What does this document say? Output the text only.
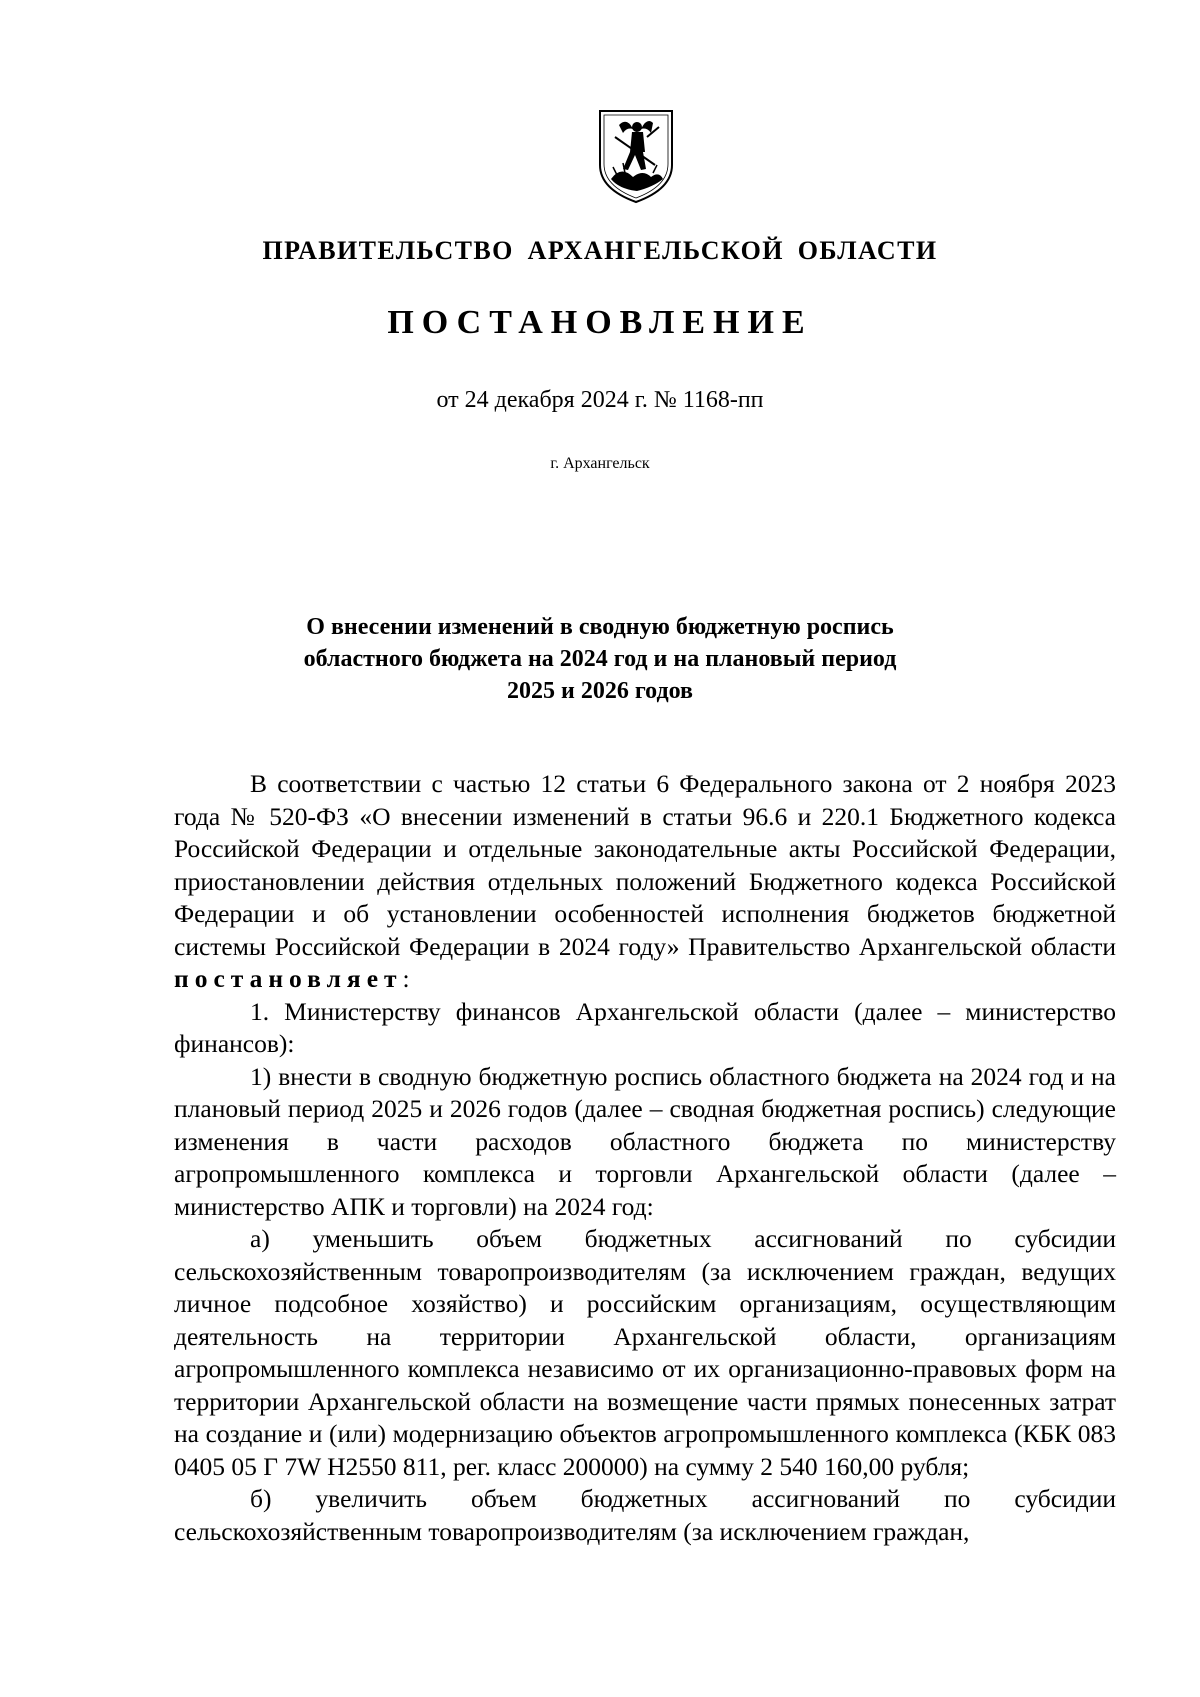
ПРАВИТЕЛЬСТВО АРХАНГЕЛЬСКОЙ ОБЛАСТИ
ПОСТАНОВЛЕНИЕ
от 24 декабря 2024 г. № 1168-пп
г. Архангельск
О внесении изменений в сводную бюджетную роспись
областного бюджета на 2024 год и на плановый период
2025 и 2026 годов

В соответствии с частью 12 статьи 6 Федерального закона от 2 ноября 2023 года № 520-ФЗ «О внесении изменений в статьи 96.6 и 220.1 Бюджетного кодекса Российской Федерации и отдельные законодательные акты Российской Федерации, приостановлении действия отдельных положений Бюджетного кодекса Российской Федерации и об установлении особенностей исполнения бюджетов бюджетной системы Российской Федерации в 2024 году» Правительство Архангельской области постановляет:

1. Министерству финансов Архангельской области (далее – министерство финансов):

1) внести в сводную бюджетную роспись областного бюджета на 2024 год и на плановый период 2025 и 2026 годов (далее – сводная бюджетная роспись) следующие изменения в части расходов областного бюджета по министерству агропромышленного комплекса и торговли Архангельской области (далее – министерство АПК и торговли) на 2024 год:

а) уменьшить объем бюджетных ассигнований по субсидии сельскохозяйственным товаропроизводителям (за исключением граждан, ведущих личное подсобное хозяйство) и российским организациям, осуществляющим деятельность на территории Архангельской области, организациям агропромышленного комплекса независимо от их организационно-правовых форм на территории Архангельской области на возмещение части прямых понесенных затрат на создание и (или) модернизацию объектов агропромышленного комплекса (КБК 083 0405 05 Г 7W Н2550 811, рег. класс 200000) на сумму 2 540 160,00 рубля;

б) увеличить объем бюджетных ассигнований по субсидии сельскохозяйственным товаропроизводителям (за исключением граждан,
